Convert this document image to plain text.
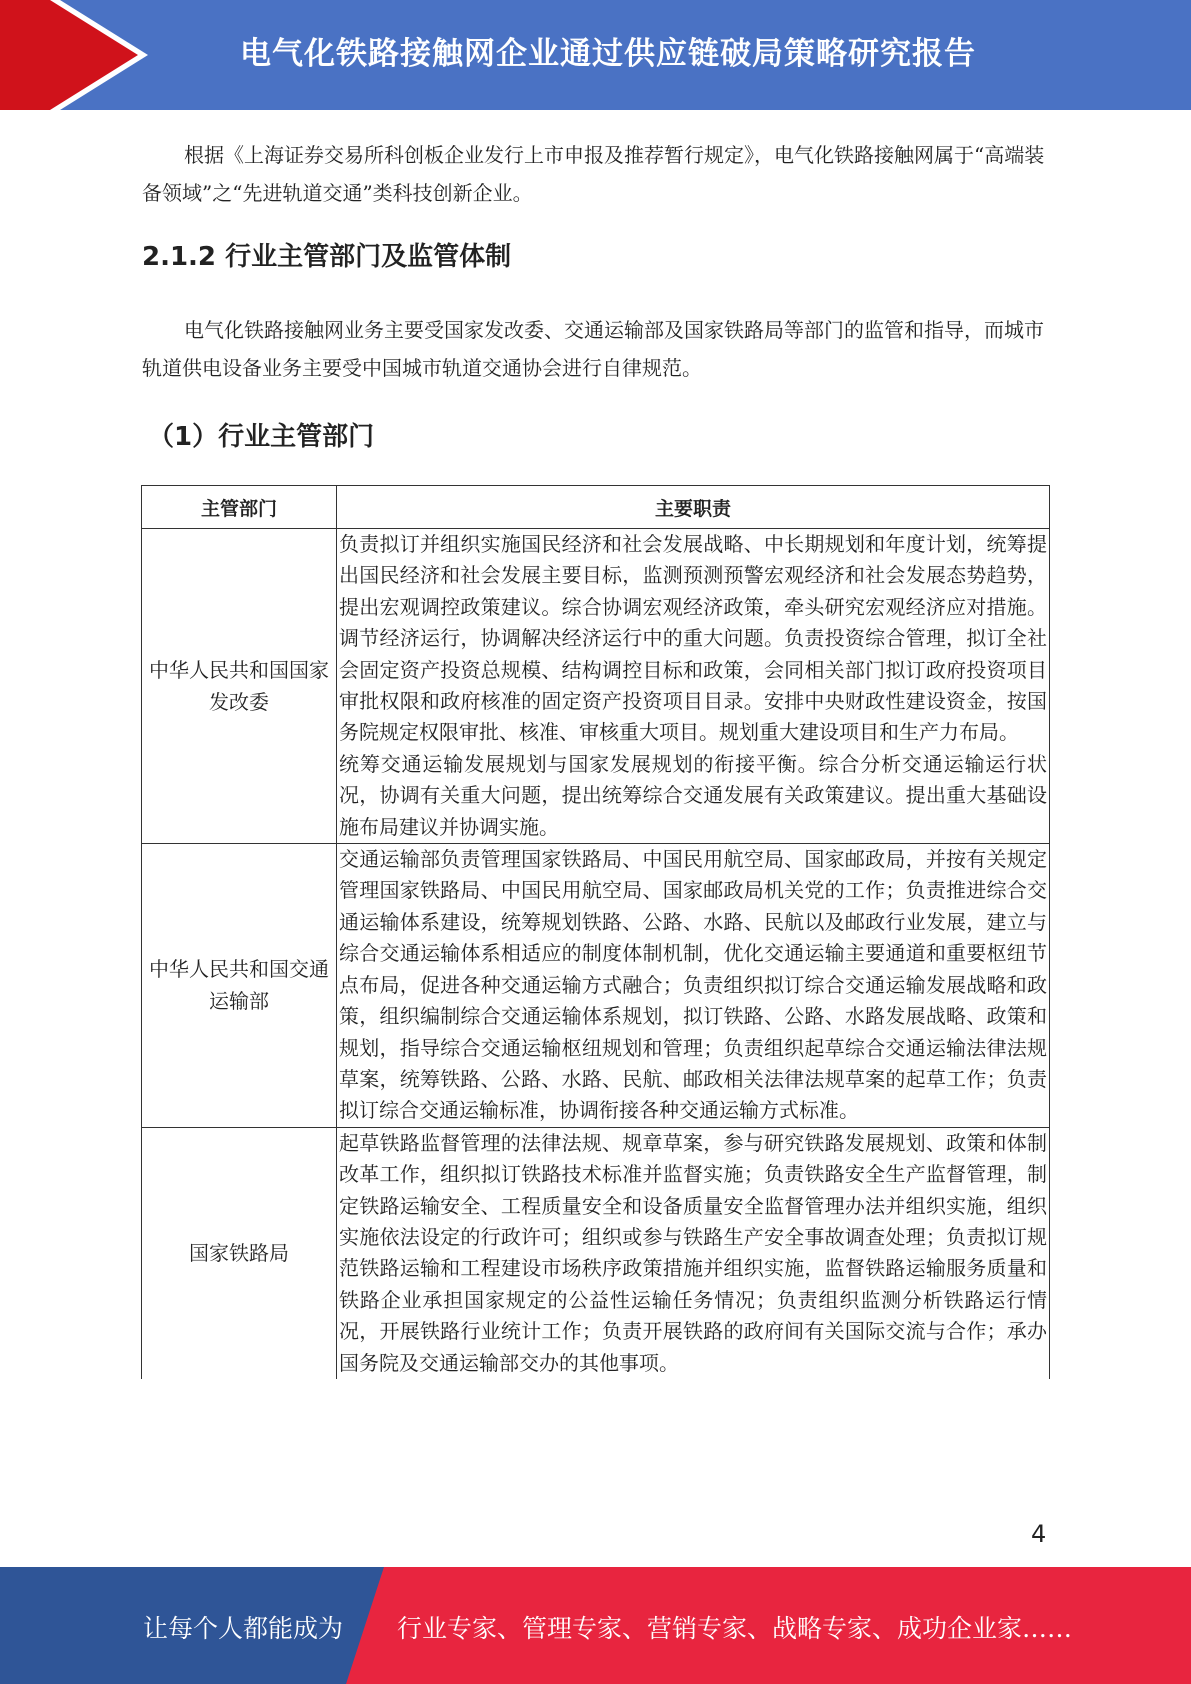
电气化铁路接触网企业通过供应链破局策略研究报告

根据《上海证券交易所科创板企业发行上市申报及推荐暂行规定》，电气化铁路接触网属于“高端装备领域”之“先进轨道交通”类科技创新企业。

2.1.2 行业主管部门及监管体制

电气化铁路接触网业务主要受国家发改委、交通运输部及国家铁路局等部门的监管和指导，而城市轨道供电设备业务主要受中国城市轨道交通协会进行自律规范。

（1）行业主管部门
主管部门	主要职责
中华人民共和国国家发改委	负责拟订并组织实施国民经济和社会发展战略、中长期规划和年度计划，统筹提出国民经济和社会发展主要目标，监测预测预警宏观经济和社会发展态势趋势，提出宏观调控政策建议。综合协调宏观经济政策，牵头研究宏观经济应对措施。调节经济运行，协调解决经济运行中的重大问题。负责投资综合管理，拟订全社会固定资产投资总规模、结构调控目标和政策，会同相关部门拟订政府投资项目审批权限和政府核准的固定资产投资项目目录。安排中央财政性建设资金，按国务院规定权限审批、核准、审核重大项目。规划重大建设项目和生产力布局。
统筹交通运输发展规划与国家发展规划的衔接平衡。综合分析交通运输运行状况，协调有关重大问题，提出统筹综合交通发展有关政策建议。提出重大基础设施布局建议并协调实施。

中华人民共和国交通运输部	交通运输部负责管理国家铁路局、中国民用航空局、国家邮政局，并按有关规定管理国家铁路局、中国民用航空局、国家邮政局机关党的工作；负责推进综合交通运输体系建设，统筹规划铁路、公路、水路、民航以及邮政行业发展，建立与综合交通运输体系相适应的制度体制机制，优化交通运输主要通道和重要枢纽节点布局，促进各种交通运输方式融合；负责组织拟订综合交通运输发展战略和政策，组织编制综合交通运输体系规划，拟订铁路、公路、水路发展战略、政策和规划，指导综合交通运输枢纽规划和管理；负责组织起草综合交通运输法律法规草案，统筹铁路、公路、水路、民航、邮政相关法律法规草案的起草工作；负责拟订综合交通运输标准，协调衔接各种交通运输方式标准。

国家铁路局	起草铁路监督管理的法律法规、规章草案，参与研究铁路发展规划、政策和体制改革工作，组织拟订铁路技术标准并监督实施；负责铁路安全生产监督管理，制定铁路运输安全、工程质量安全和设备质量安全监督管理办法并组织实施，组织实施依法设定的行政许可；组织或参与铁路生产安全事故调查处理；负责拟订规范铁路运输和工程建设市场秩序政策措施并组织实施，监督铁路运输服务质量和铁路企业承担国家规定的公益性运输任务情况；负责组织监测分析铁路运行情况，开展铁路行业统计工作；负责开展铁路的政府间有关国际交流与合作；承办国务院及交通运输部交办的其他事项。
4
让每个人都能成为 行业专家、管理专家、营销专家、战略专家、成功企业家……
